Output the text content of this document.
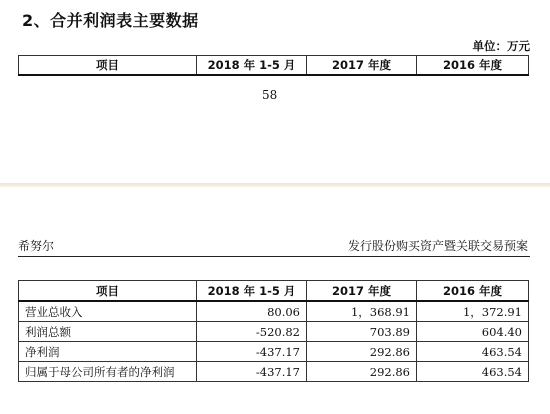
2、合并利润表主要数据
单位：万元
项目	2018 年 1-5 月	2017 年度	2016 年度
58
希努尔	发行股份购买资产暨关联交易预案
项目	2018 年 1-5 月	2017 年度	2016 年度
营业总收入	80.06	1，368.91	1，372.91
利润总额	-520.82	703.89	604.40
净利润	-437.17	292.86	463.54
归属于母公司所有者的净利润	-437.17	292.86	463.54
